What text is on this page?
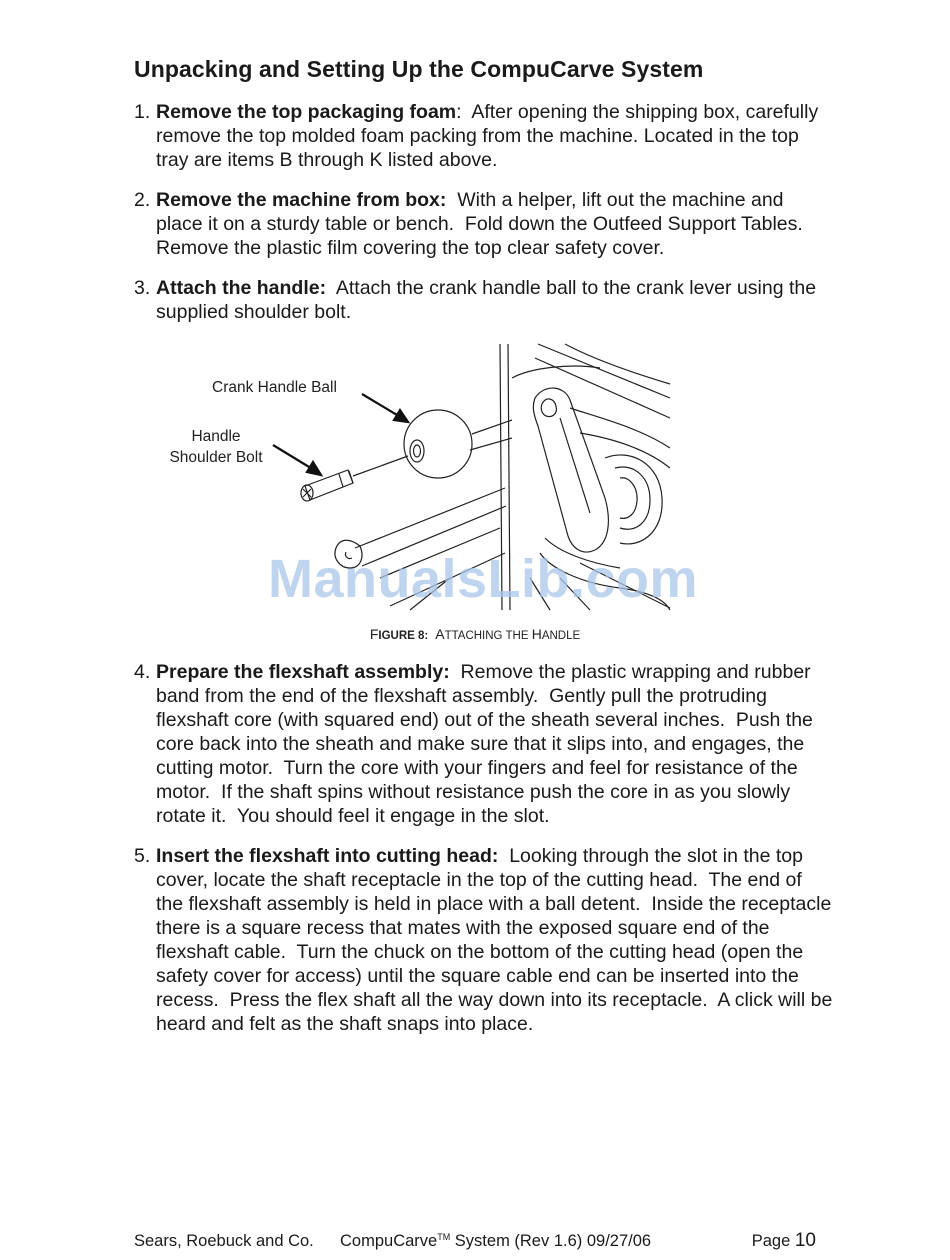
Unpacking and Setting Up the CompuCarve System
1. Remove the top packaging foam:  After opening the shipping box, carefully remove the top molded foam packing from the machine. Located in the top tray are items B through K listed above.
2. Remove the machine from box:  With a helper, lift out the machine and place it on a sturdy table or bench.  Fold down the Outfeed Support Tables.  Remove the plastic film covering the top clear safety cover.
3. Attach the handle:  Attach the crank handle ball to the crank lever using the supplied shoulder bolt.
Crank Handle Ball
Handle
Shoulder Bolt
ManualsLib.com
FIGURE 8: ATTACHING THE HANDLE
4. Prepare the flexshaft assembly:  Remove the plastic wrapping and rubber band from the end of the flexshaft assembly.  Gently pull the protruding flexshaft core (with squared end) out of the sheath several inches.  Push the core back into the sheath and make sure that it slips into, and engages, the cutting motor.  Turn the core with your fingers and feel for resistance of the motor.  If the shaft spins without resistance push the core in as you slowly rotate it.  You should feel it engage in the slot.
5. Insert the flexshaft into cutting head:  Looking through the slot in the top cover, locate the shaft receptacle in the top of the cutting head.  The end of the flexshaft assembly is held in place with a ball detent.  Inside the receptacle there is a square recess that mates with the exposed square end of the flexshaft cable.  Turn the chuck on the bottom of the cutting head (open the safety cover for access) until the square cable end can be inserted into the recess.  Press the flex shaft all the way down into its receptacle.  A click will be heard and felt as the shaft snaps into place.
Sears, Roebuck and Co.	CompuCarve™ System (Rev 1.6) 09/27/06	Page 10
